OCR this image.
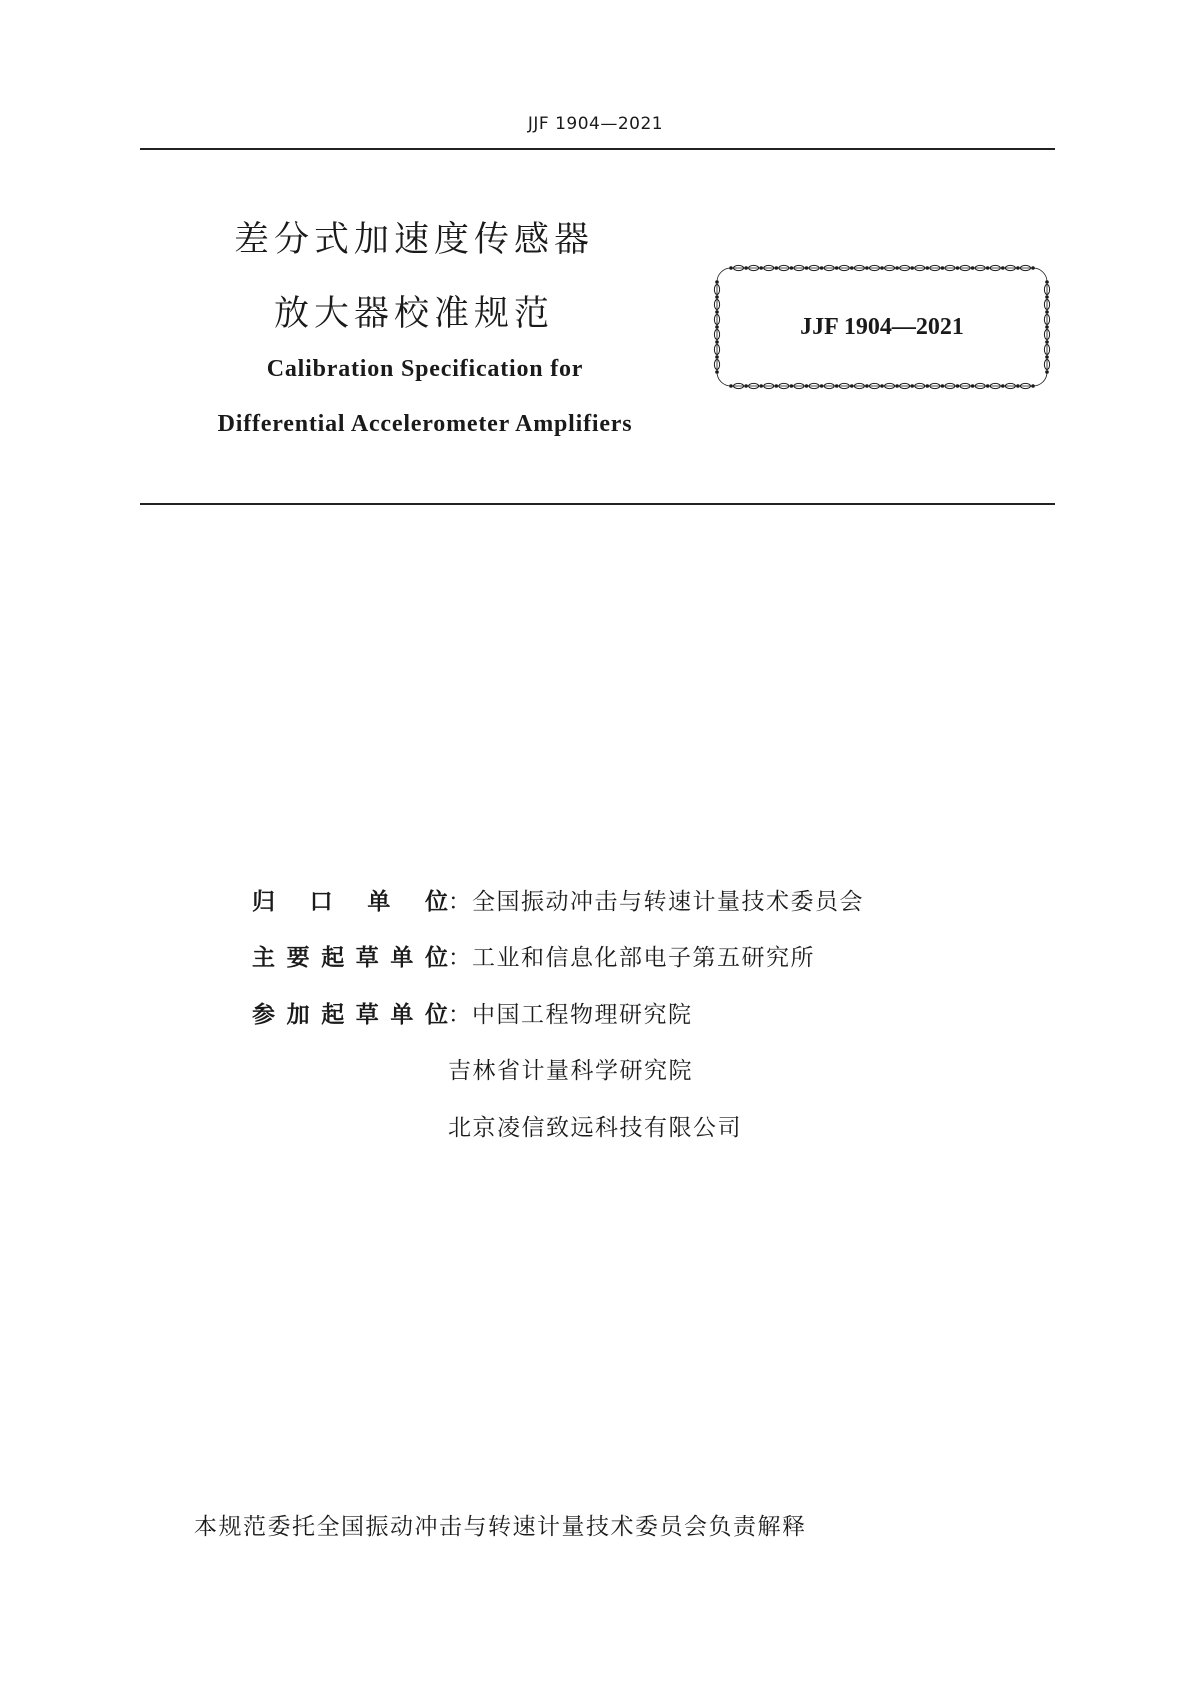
JJF 1904—2021
差分式加速度传感器
放大器校准规范
Calibration Specification for
Differential Accelerometer Amplifiers
JJF 1904—2021
归口单位：全国振动冲击与转速计量技术委员会
主要起草单位：工业和信息化部电子第五研究所
参加起草单位：中国工程物理研究院
吉林省计量科学研究院
北京凌信致远科技有限公司
本规范委托全国振动冲击与转速计量技术委员会负责解释
